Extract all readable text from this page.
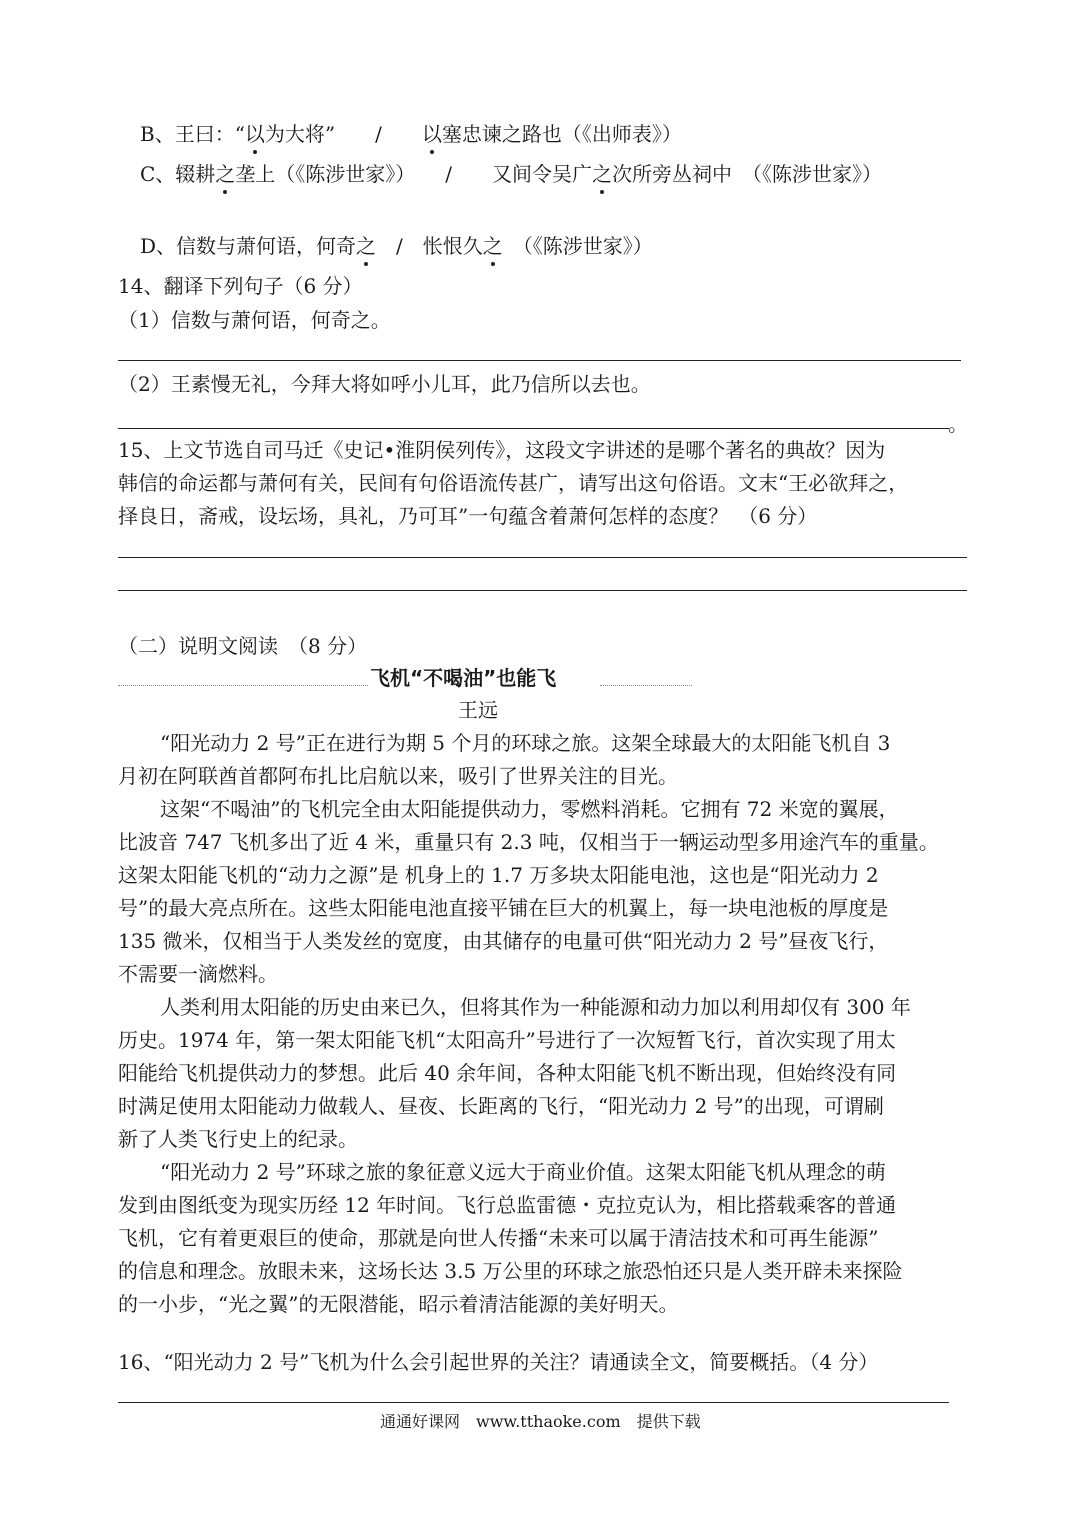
B、王曰：“以为大将”　　/　　以塞忠谏之路也（《出师表》）
C、辍耕之垄上（《陈涉世家》）　　/　　又间令吴广之次所旁丛祠中　（《陈涉世家》）
D、信数与萧何语，何奇之　/　怅恨久之　（《陈涉世家》）
14、翻译下列句子（6 分）
（1）信数与萧何语，何奇之。
（2）王素慢无礼，今拜大将如呼小儿耳，此乃信所以去也。
。
15、上文节选自司马迁《史记•淮阴侯列传》，这段文字讲述的是哪个著名的典故？因为
韩信的命运都与萧何有关，民间有句俗语流传甚广，请写出这句俗语。文末“王必欲拜之，
择良日，斋戒，设坛场，具礼，乃可耳”一句蕴含着萧何怎样的态度？　（6 分）
（二）说明文阅读　（8 分）
飞机“不喝油”也能飞
王远
“阳光动力 2 号”正在进行为期 5 个月的环球之旅。这架全球最大的太阳能飞机自 3
月初在阿联酋首都阿布扎比启航以来，吸引了世界关注的目光。
这架“不喝油”的飞机完全由太阳能提供动力，零燃料消耗。它拥有 72 米宽的翼展，
比波音 747 飞机多出了近 4 米，重量只有 2.3 吨，仅相当于一辆运动型多用途汽车的重量。
这架太阳能飞机的“动力之源”是 机身上的 1.7 万多块太阳能电池，这也是“阳光动力 2
号”的最大亮点所在。这些太阳能电池直接平铺在巨大的机翼上，每一块电池板的厚度是
135 微米，仅相当于人类发丝的宽度，由其储存的电量可供“阳光动力 2 号”昼夜飞行，
不需要一滴燃料。
人类利用太阳能的历史由来已久，但将其作为一种能源和动力加以利用却仅有 300 年
历史。1974 年，第一架太阳能飞机“太阳高升”号进行了一次短暂飞行，首次实现了用太
阳能给飞机提供动力的梦想。此后 40 余年间，各种太阳能飞机不断出现，但始终没有同
时满足使用太阳能动力做载人、昼夜、长距离的飞行，“阳光动力 2 号”的出现，可谓刷
新了人类飞行史上的纪录。
“阳光动力 2 号”环球之旅的象征意义远大于商业价值。这架太阳能飞机从理念的萌
发到由图纸变为现实历经 12 年时间。飞行总监雷德・克拉克认为，相比搭载乘客的普通
飞机，它有着更艰巨的使命，那就是向世人传播“未来可以属于清洁技术和可再生能源”
的信息和理念。放眼未来，这场长达 3.5 万公里的环球之旅恐怕还只是人类开辟未来探险
的一小步，“光之翼”的无限潜能，昭示着清洁能源的美好明天。
16、“阳光动力 2 号”飞机为什么会引起世界的关注？请通读全文，简要概括。（4 分）
通通好课网　www.tthaoke.com　提供下载
